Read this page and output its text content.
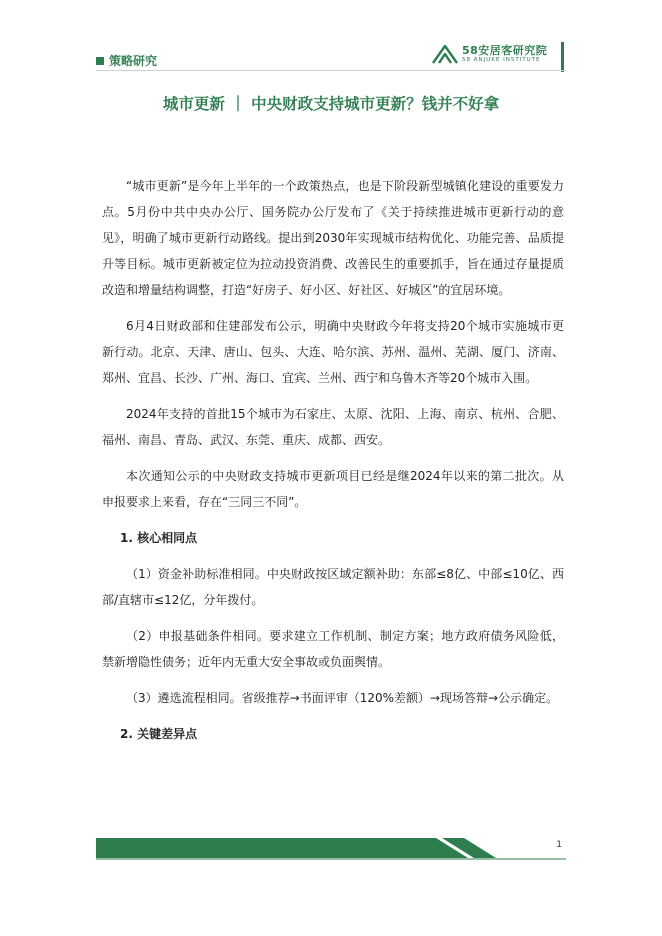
策略研究
58安居客研究院
58 ANJUKE INSTITUTE
城市更新 ｜ 中央财政支持城市更新？钱并不好拿

“城市更新”是今年上半年的一个政策热点，也是下阶段新型城镇化建设的重要发力点。5月份中共中央办公厅、国务院办公厅发布了《关于持续推进城市更新行动的意见》，明确了城市更新行动路线。提出到2030年实现城市结构优化、功能完善、品质提升等目标。城市更新被定位为拉动投资消费、改善民生的重要抓手，旨在通过存量提质改造和增量结构调整，打造“好房子、好小区、好社区、好城区”的宜居环境。

6月4日财政部和住建部发布公示，明确中央财政今年将支持20个城市实施城市更新行动。北京、天津、唐山、包头、大连、哈尔滨、苏州、温州、芜湖、厦门、济南、郑州、宜昌、长沙、广州、海口、宜宾、兰州、西宁和乌鲁木齐等20个城市入围。

2024年支持的首批15个城市为石家庄、太原、沈阳、上海、南京、杭州、合肥、福州、南昌、青岛、武汉、东莞、重庆、成都、西安。

本次通知公示的中央财政支持城市更新项目已经是继2024年以来的第二批次。从申报要求上来看，存在“三同三不同”。

1. 核心相同点

（1）资金补助标准相同。中央财政按区域定额补助：东部≤8亿、中部≤10亿、西部/直辖市≤12亿，分年拨付。

（2）申报基础条件相同。要求建立工作机制、制定方案；地方政府债务风险低，禁新增隐性债务；近年内无重大安全事故或负面舆情。

（3）遴选流程相同。省级推荐→书面评审（120%差额）→现场答辩→公示确定。

2. 关键差异点
1
